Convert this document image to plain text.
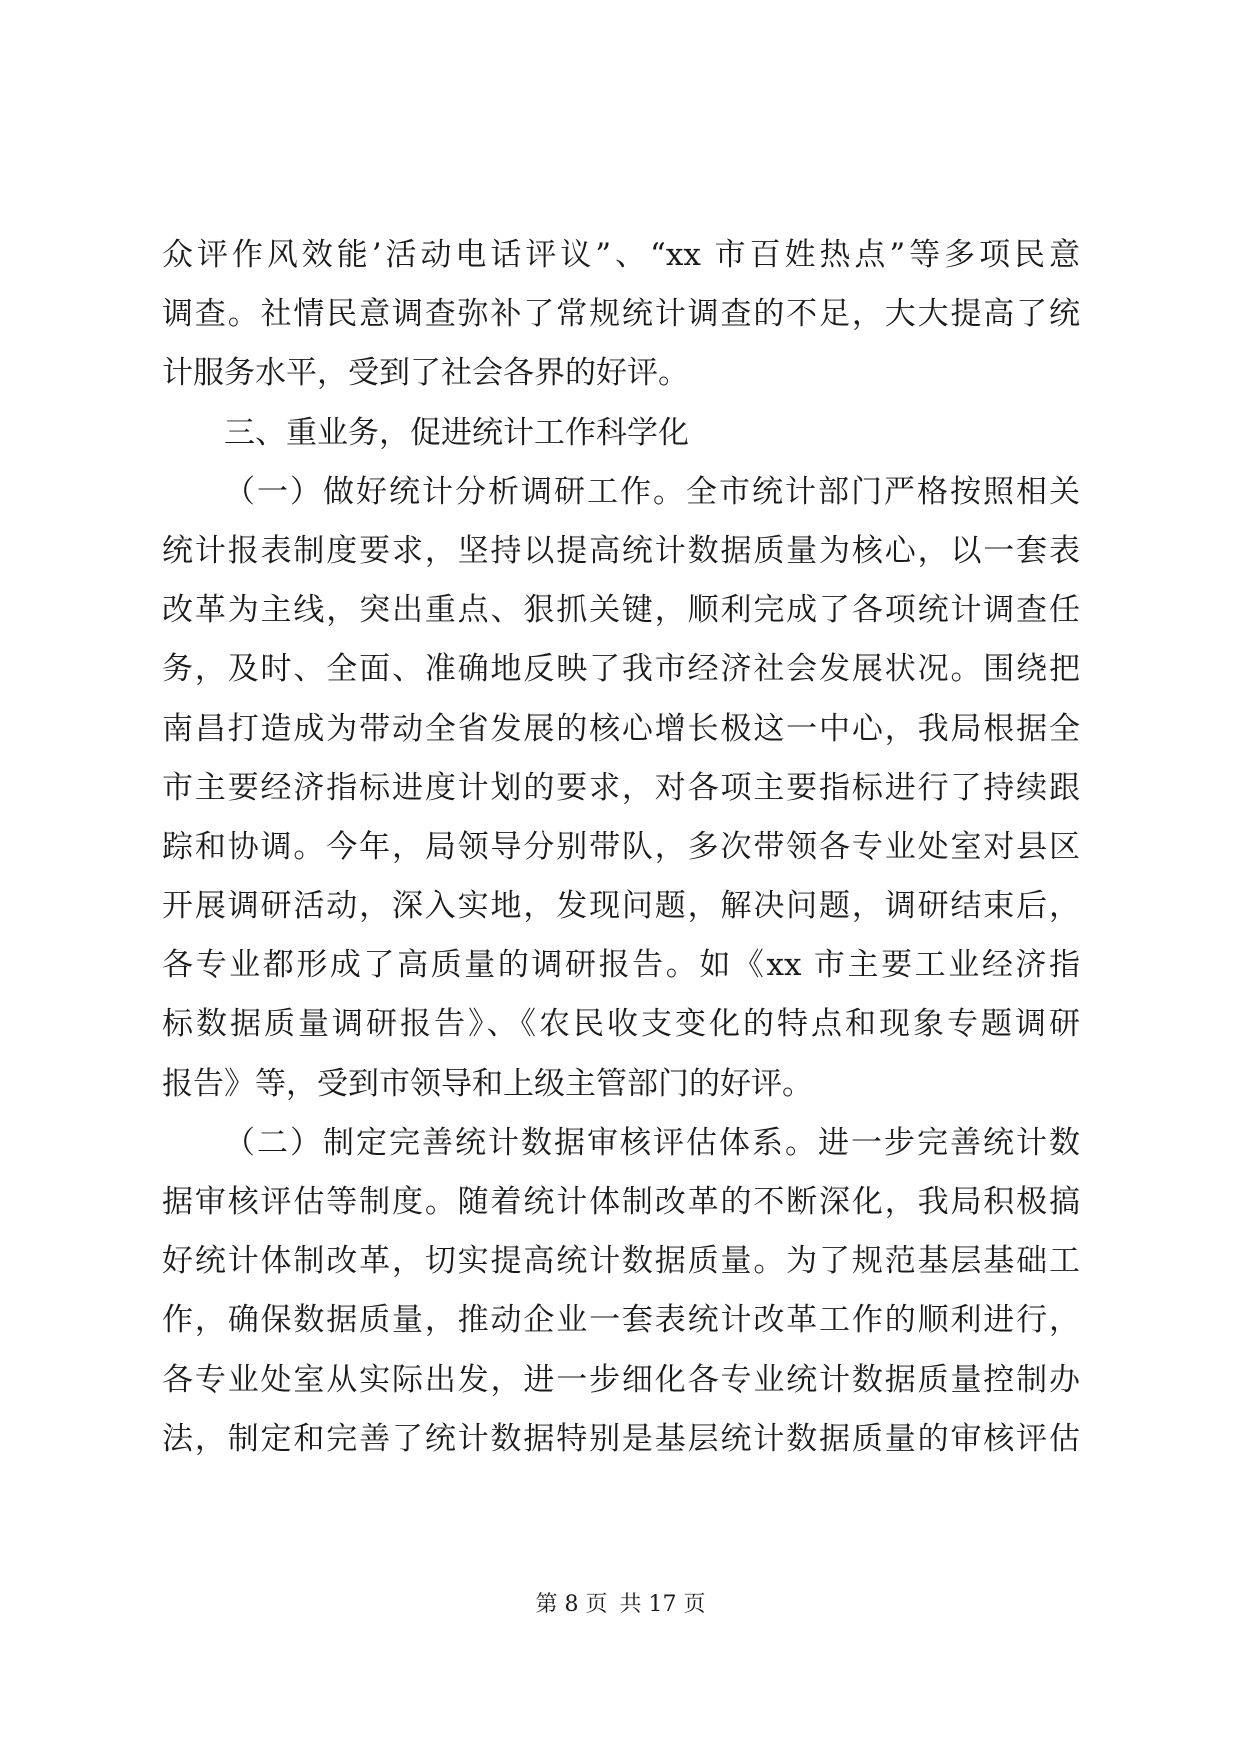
众评作风效能’活动电话评议”、“xx 市百姓热点”等多项民意
调查。社情民意调查弥补了常规统计调查的不足，大大提高了统
计服务水平，受到了社会各界的好评。
三、重业务，促进统计工作科学化
（一）做好统计分析调研工作。全市统计部门严格按照相关
统计报表制度要求，坚持以提高统计数据质量为核心，以一套表
改革为主线，突出重点、狠抓关键，顺利完成了各项统计调查任
务，及时、全面、准确地反映了我市经济社会发展状况。围绕把
南昌打造成为带动全省发展的核心增长极这一中心，我局根据全
市主要经济指标进度计划的要求，对各项主要指标进行了持续跟
踪和协调。今年，局领导分别带队，多次带领各专业处室对县区
开展调研活动，深入实地，发现问题，解决问题，调研结束后，
各专业都形成了高质量的调研报告。如《xx 市主要工业经济指
标数据质量调研报告》、《农民收支变化的特点和现象专题调研
报告》等，受到市领导和上级主管部门的好评。
（二）制定完善统计数据审核评估体系。进一步完善统计数
据审核评估等制度。随着统计体制改革的不断深化，我局积极搞
好统计体制改革，切实提高统计数据质量。为了规范基层基础工
作，确保数据质量，推动企业一套表统计改革工作的顺利进行，
各专业处室从实际出发，进一步细化各专业统计数据质量控制办
法，制定和完善了统计数据特别是基层统计数据质量的审核评估
第 8 页 共 17 页
